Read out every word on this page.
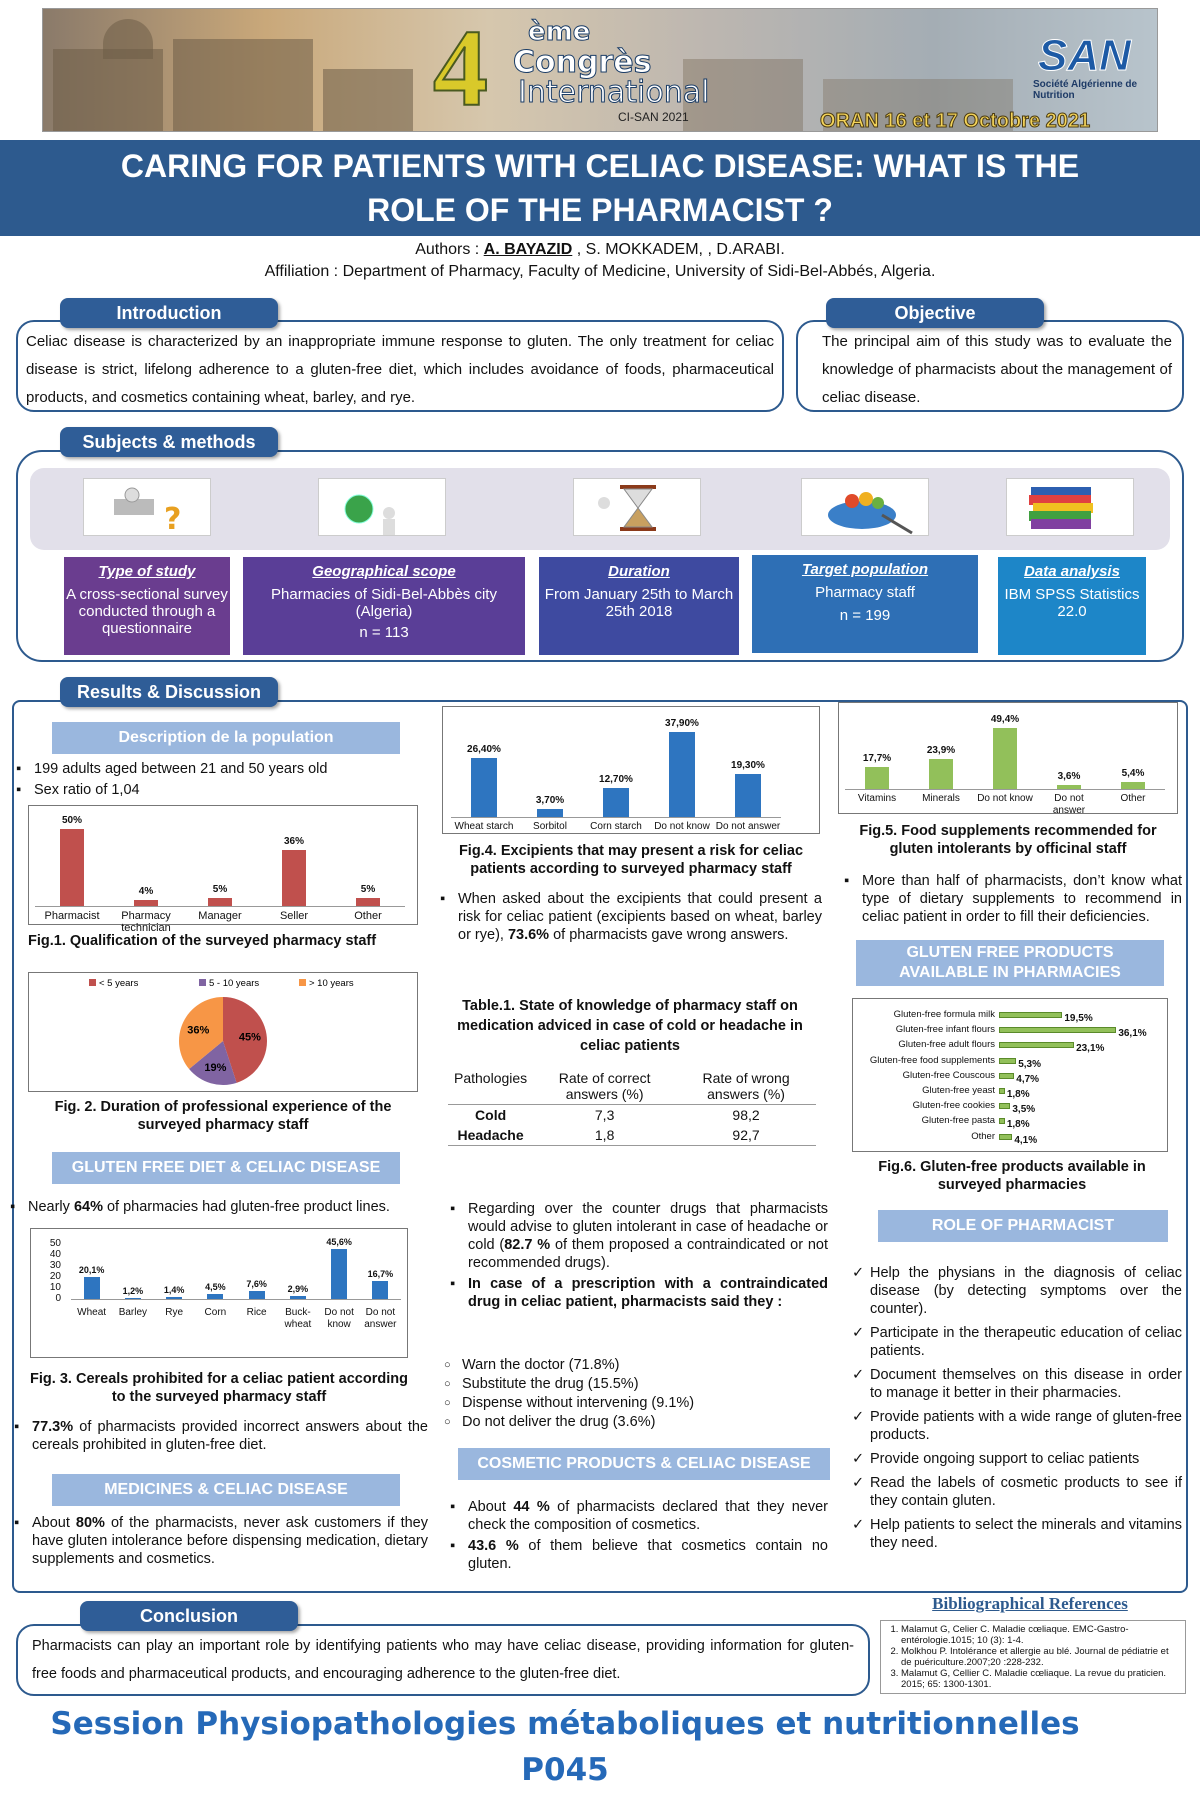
4 ème
Congrès
International
CI-SAN 2021	ORAN 16 et 17 Octobre 2021
SAN
Société Algérienne de Nutrition
CARING FOR PATIENTS WITH CELIAC DISEASE: WHAT IS THE
ROLE OF THE PHARMACIST ?
Authors : A. BAYAZID , S. MOKKADEM, , D.ARABI.
Affiliation : Department of Pharmacy, Faculty of Medicine, University of Sidi-Bel-Abbés, Algeria.
Celiac disease is characterized by an inappropriate immune response to gluten. The only treatment for celiac disease is strict, lifelong adherence to a gluten-free diet, which includes avoidance of foods, pharmaceutical products, and cosmetics containing wheat, barley, and rye.
Introduction
The principal aim of this study was to evaluate the knowledge of pharmacists about the management of celiac disease.
Objective
Subjects & methods
?
Type of study
A cross-sectional survey conducted through a questionnaire
Geographical scope
Pharmacies of Sidi-Bel-Abbès city (Algeria)
n = 113
Duration
From January 25th to March 25th 2018
Target population
Pharmacy staff
n = 199
Data analysis
IBM SPSS Statistics 22.0
Results & Discussion
Description de la population
▪ 199 adults aged between 21 and 50 years old
▪ Sex ratio of 1,04
50%
Pharmacist
4%
Pharmacy technician
5%
Manager
36%
Seller
5%
Other
Fig.1. Qualification of the surveyed pharmacy staff
45%
< 5 years
19%
5 - 10 years
36%
> 10 years
Fig. 2. Duration of professional experience of the surveyed pharmacy staff
GLUTEN FREE DIET & CELIAC DISEASE
▪ Nearly 64% of pharmacies had gluten-free product lines.
50
40
30
20
10
0
20,1%
Wheat
1,2%
Barley
1,4%
Rye
4,5%
Corn
7,6%
Rice
2,9%
Buck-wheat
45,6%
Do not know
16,7%
Do not answer
Fig. 3. Cereals prohibited for a celiac patient according to the surveyed pharmacy staff
▪ 77.3% of pharmacists provided incorrect answers about the cereals prohibited in gluten-free diet.
MEDICINES & CELIAC DISEASE
▪ About 80% of the pharmacists, never ask customers if they have gluten intolerance before dispensing medication, dietary supplements and cosmetics.
26,40%
Wheat starch
3,70%
Sorbitol
12,70%
Corn starch
37,90%
Do not know
19,30%
Do not answer
Fig.4. Excipients that may present a risk for celiac patients according to surveyed pharmacy staff
▪ When asked about the excipients that could present a risk for celiac patient (excipients based on wheat, barley or rye), 73.6% of pharmacists gave wrong answers.
Table.1. State of knowledge of pharmacy staff on medication adviced in case of cold or headache in celiac patients
Pathologies	Rate of correct answers (%)	Rate of wrong answers (%)
Cold	7,3	98,2
Headache	1,8	92,7
▪ Regarding over the counter drugs that pharmacists would advise to gluten intolerant in case of headache or cold (82.7 % of them proposed a contraindicated or not recommended drugs).
▪ In case of a prescription with a contraindicated drug in celiac patient, pharmacists said they :
○ Warn the doctor (71.8%)
○ Substitute the drug (15.5%)
○ Dispense without intervening (9.1%)
○ Do not deliver the drug (3.6%)
COSMETIC PRODUCTS & CELIAC DISEASE
▪ About 44 % of pharmacists declared that they never check the composition of cosmetics.
▪ 43.6 % of them believe that cosmetics contain no gluten.
17,7%
Vitamins
23,9%
Minerals
49,4%
Do not know
3,6%
Do not answer
5,4%
Other
Fig.5. Food supplements recommended for gluten intolerants by officinal staff
▪ More than half of pharmacists, don’t know what type of dietary supplements to recommend in celiac patient in order to fill their deficiencies.
GLUTEN FREE PRODUCTS
AVAILABLE IN PHARMACIES
Gluten-free formula milk	19,5%
Gluten-free infant flours	36,1%
Gluten-free adult flours	23,1%
Gluten-free food supplements 5,3%
Gluten-free Couscous 4,7%
Gluten-free yeast 1,8%
Gluten-free cookies 3,5%
Gluten-free pasta 1,8%
Other 4,1%
Fig.6. Gluten-free products available in surveyed pharmacies
ROLE OF PHARMACIST
✓ Help the physians in the diagnosis of celiac disease (by detecting symptoms over the counter).
✓ Participate in the therapeutic education of celiac patients.
✓ Document themselves on this disease in order to manage it better in their pharmacies.
✓ Provide patients with a wide range of gluten-free products.
✓ Provide ongoing support to celiac patients
✓ Read the labels of cosmetic products to see if they contain gluten.
✓ Help patients to select the minerals and vitamins they need.
Pharmacists can play an important role by identifying patients who may have celiac disease, providing information for gluten-free foods and pharmaceutical products, and encouraging adherence to the gluten-free diet.
Conclusion
Bibliographical References
1. Malamut G, Celier C. Maladie cœliaque. EMC-Gastro-entérologie.1015; 10 (3): 1-4.
2. Molkhou P. Intolérance et allergie au blé. Journal de pédiatrie et de puériculture.2007;20 :228-232.
3. Malamut G, Cellier C. Maladie cœliaque. La revue du praticien. 2015; 65: 1300-1301.
Session Physiopathologies métaboliques et nutritionnelles
P045
